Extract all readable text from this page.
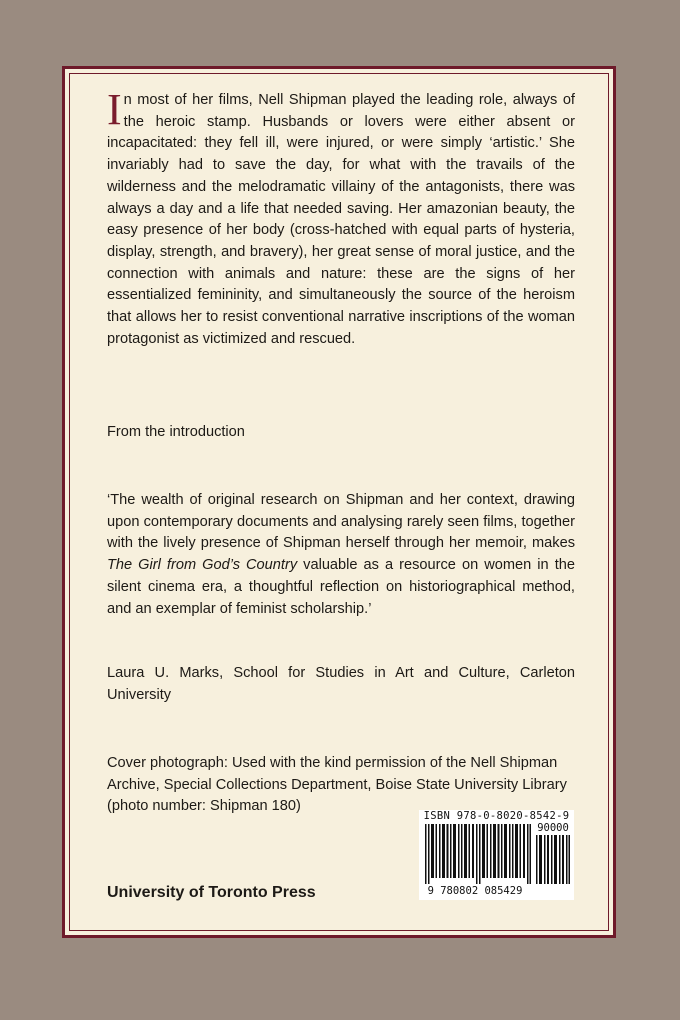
I n most of her films, Nell Shipman played the leading role, always of the heroic stamp. Husbands or lovers were either absent or incapacitated: they fell ill, were injured, or were simply ‘artistic.’ She invariably had to save the day, for what with the travails of the wilderness and the melodramatic villainy of the antagonists, there was always a day and a life that needed saving. Her amazonian beauty, the easy presence of her body (cross-hatched with equal parts of hysteria, display, strength, and bravery), her great sense of moral justice, and the connection with animals and nature: these are the signs of her essentialized femininity, and simultaneously the source of the heroism that allows her to resist conventional narrative inscriptions of the woman protagonist as victimized and rescued.
From the introduction
‘The wealth of original research on Shipman and her context, drawing upon contemporary documents and analysing rarely seen films, together with the lively presence of Shipman herself through her memoir, makes The Girl from God’s Country valuable as a resource on women in the silent cinema era, a thoughtful reflection on historiographical method, and an exemplar of feminist scholarship.’
Laura U. Marks, School for Studies in Art and Culture, Carleton University
Cover photograph: Used with the kind permission of the Nell Shipman Archive, Special Collections Department, Boise State University Library (photo number: Shipman 180)
ISBN 978-0-8020-8542-9
90000
9 780802 085429
University of Toronto Press
